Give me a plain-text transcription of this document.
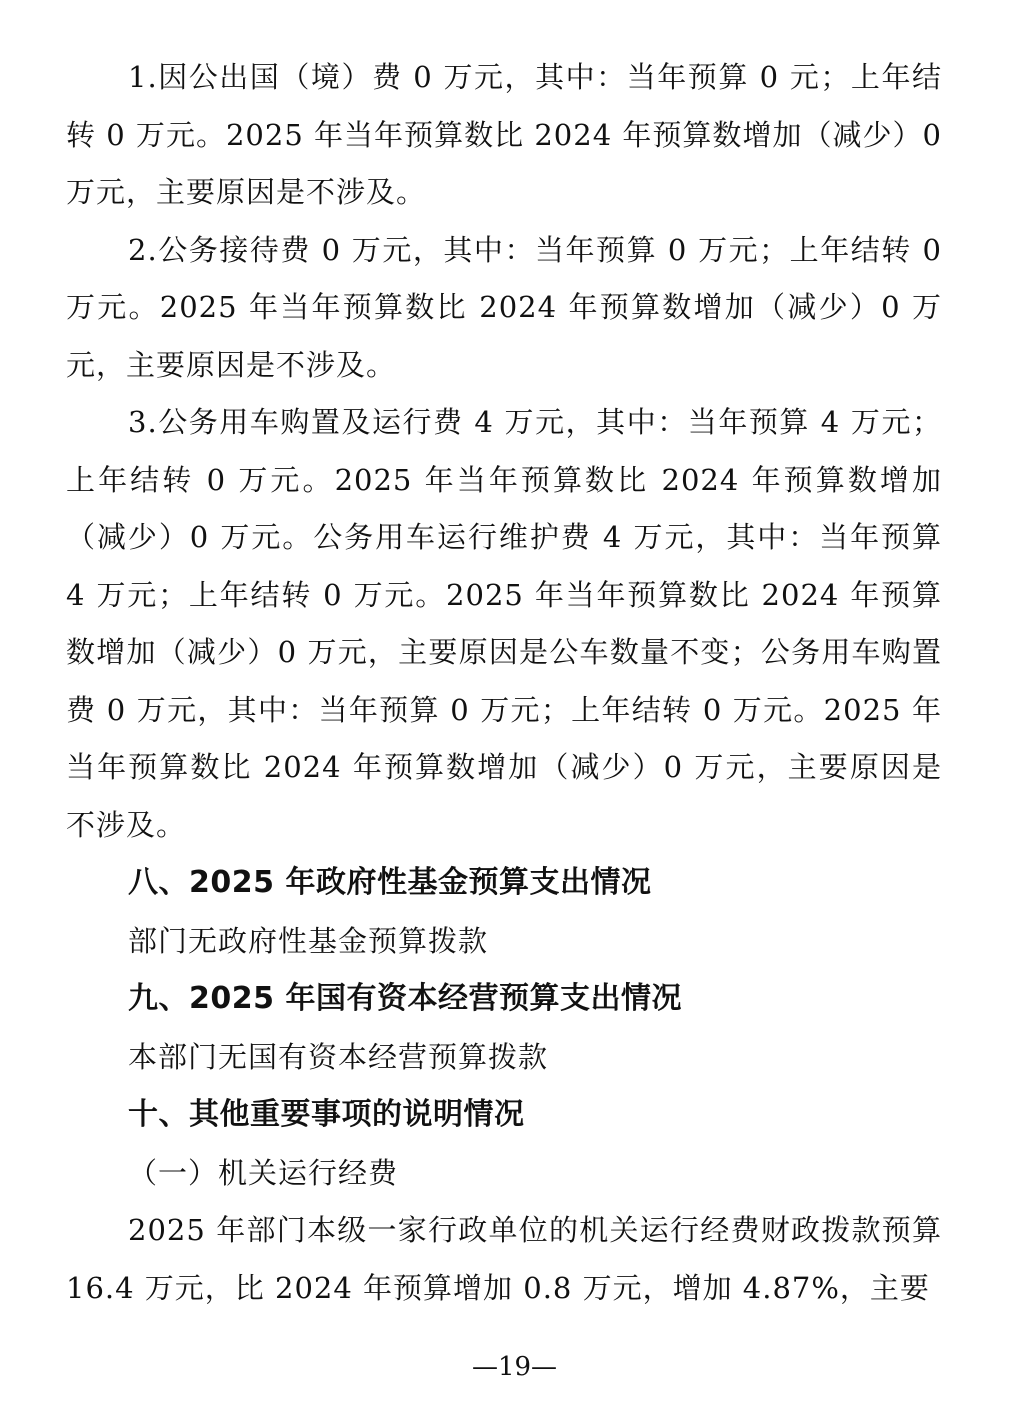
1.因公出国（境）费 0 万元，其中：当年预算 0 元；上年结转 0 万元。2025 年当年预算数比 2024 年预算数增加（减少）0 万元，主要原因是不涉及。

2.公务接待费 0 万元，其中：当年预算 0 万元；上年结转 0 万元。2025 年当年预算数比 2024 年预算数增加（减少）0 万元，主要原因是不涉及。

3.公务用车购置及运行费 4 万元，其中：当年预算 4 万元；上年结转 0 万元。2025 年当年预算数比 2024 年预算数增加（减少）0 万元。公务用车运行维护费 4 万元，其中：当年预算 4 万元；上年结转 0 万元。2025 年当年预算数比 2024 年预算数增加（减少）0 万元，主要原因是公车数量不变；公务用车购置费 0 万元，其中：当年预算 0 万元；上年结转 0 万元。2025 年当年预算数比 2024 年预算数增加（减少）0 万元，主要原因是不涉及。

八、2025 年政府性基金预算支出情况

部门无政府性基金预算拨款

九、2025 年国有资本经营预算支出情况

本部门无国有资本经营预算拨款

十、其他重要事项的说明情况

（一）机关运行经费

2025 年部门本级一家行政单位的机关运行经费财政拨款预算 16.4 万元，比 2024 年预算增加 0.8 万元，增加 4.87%，主要

—19—
